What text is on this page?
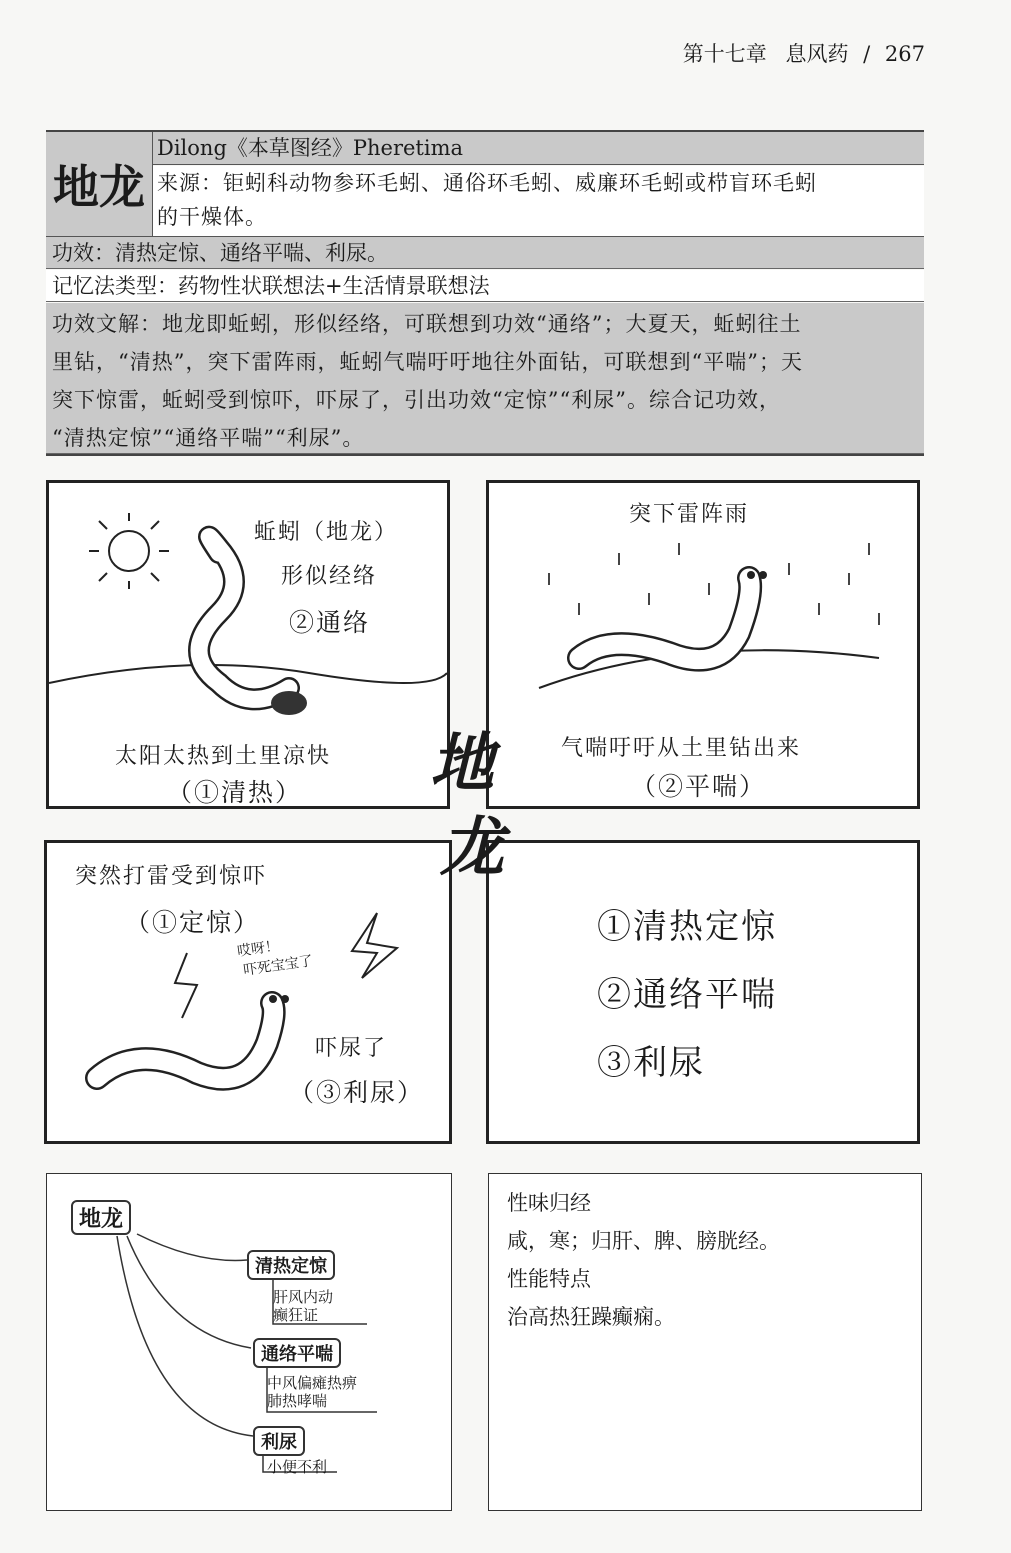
第十七章 息风药 / 267
地龙
Dilong《本草图经》Pheretima
来源：钜蚓科动物参环毛蚓、通俗环毛蚓、威廉环毛蚓或栉盲环毛蚓
的干燥体。
功效：清热定惊、通络平喘、利尿。
记忆法类型：药物性状联想法+生活情景联想法
功效文解：地龙即蚯蚓，形似经络，可联想到功效“通络”；大夏天，蚯蚓往土
里钻，“清热”，突下雷阵雨，蚯蚓气喘吁吁地往外面钻，可联想到“平喘”；天
突下惊雷，蚯蚓受到惊吓，吓尿了，引出功效“定惊”“利尿”。综合记功效，
“清热定惊”“通络平喘”“利尿”。
蚯蚓（地龙）
形似经络
②通络
太阳太热到土里凉快
（①清热）
突下雷阵雨
气喘吁吁从土里钻出来
（②平喘）
突然打雷受到惊吓
（①定惊）
哎呀！
吓死宝宝了
吓尿了
（③利尿）
①清热定惊
②通络平喘
③利尿
地
龙
地龙
清热定惊
肝风内动
癫狂证
通络平喘
中风偏瘫热痹
肺热哮喘
利尿
小便不利
性味归经
咸，寒；归肝、脾、膀胱经。
性能特点
治高热狂躁癫痫。
